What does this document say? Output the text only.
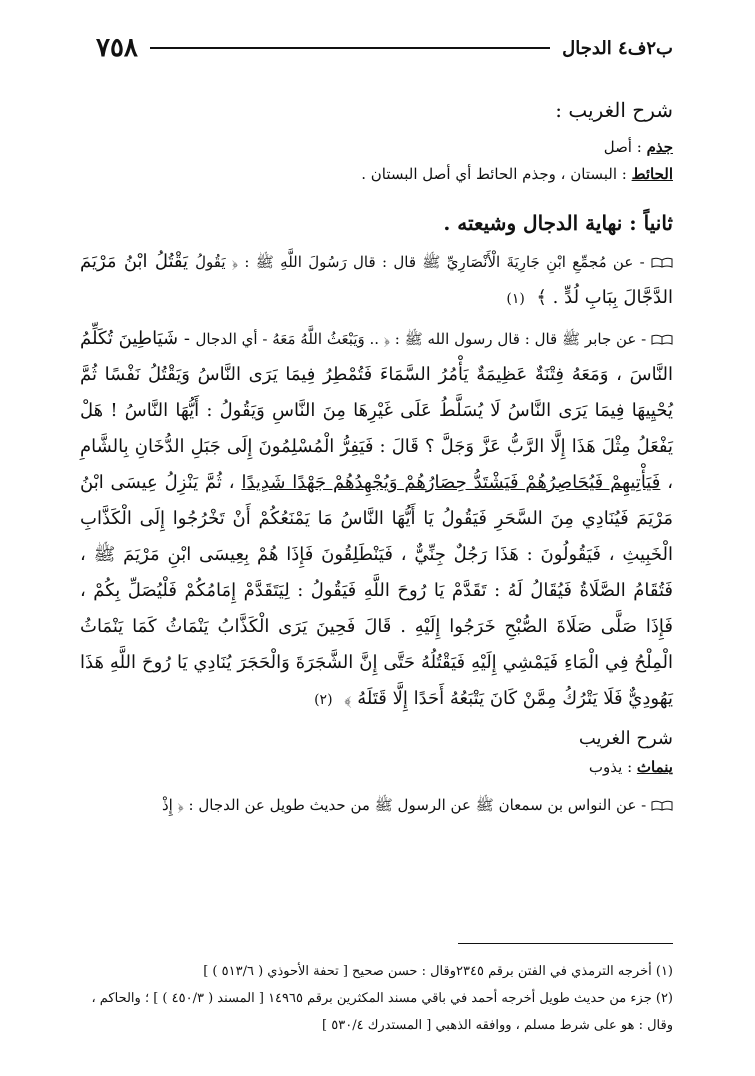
ب٢ف٤ الدجال
٧٥٨
شرح الغريب :

جذم : أصل

الحائط : البستان ، وجذم الحائط أي أصل البستان .

ثانياً : نهاية الدجال وشيعته .

- عن مُجمِّعِ ابْنِ جَارِيَةَ الْأَنْصَارِيِّ ﷺ قال : قال رَسُولَ اللَّهِ ﷺ : ﴿ يَقُولُ يَقْتُلُ ابْنُ مَرْيَمَ الدَّجَّالَ بِبَابِ لُدٍّ . ﴾ (١)

- عن جابر ﷺ قال : قال رسول الله ﷺ : ﴿ .. وَيَبْعَثُ اللَّهُ مَعَهُ - أي الدجال - شَيَاطِينَ تُكَلِّمُ النَّاسَ ، وَمَعَهُ فِتْنَةٌ عَظِيمَةٌ يَأْمُرُ السَّمَاءَ فَتُمْطِرُ فِيمَا يَرَى النَّاسُ وَيَقْتُلُ نَفْسًا ثُمَّ يُحْيِيهَا فِيمَا يَرَى النَّاسُ لَا يُسَلَّطُ عَلَى غَيْرِهَا مِنَ النَّاسِ وَيَقُولُ : أَيُّهَا النَّاسُ ! هَلْ يَفْعَلُ مِثْلَ هَذَا إِلَّا الرَّبُّ عَزَّ وَجَلَّ ؟ قَالَ : فَيَفِرُّ الْمُسْلِمُونَ إِلَى جَبَلِ الدُّخَانِ بِالشَّامِ ، فَيَأْتِيهِمْ فَيُحَاصِرُهُمْ فَيَشْتَدُّ حِصَارُهُمْ وَيُجْهِدُهُمْ جَهْدًا شَدِيدًا ، ثُمَّ يَنْزِلُ عِيسَى ابْنُ مَرْيَمَ فَيُنَادِي مِنَ السَّحَرِ فَيَقُولُ يَا أَيُّهَا النَّاسُ مَا يَمْنَعُكُمْ أَنْ تَخْرُجُوا إِلَى الْكَذَّابِ الْخَبِيثِ ، فَيَقُولُونَ : هَذَا رَجُلٌ جِنِّيٌّ ، فَيَنْطَلِقُونَ فَإِذَا هُمْ بِعِيسَى ابْنِ مَرْيَمَ ﷺ ، فَتُقَامُ الصَّلَاةُ فَيُقَالُ لَهُ : تَقَدَّمْ يَا رُوحَ اللَّهِ فَيَقُولُ : لِيَتَقَدَّمْ إِمَامُكُمْ فَلْيُصَلِّ بِكُمْ ، فَإِذَا صَلَّى صَلَاةَ الصُّبْحِ خَرَجُوا إِلَيْهِ . قَالَ فَحِينَ يَرَى الْكَذَّابُ يَنْمَاثُ كَمَا يَنْمَاثُ الْمِلْحُ فِي الْمَاءِ فَيَمْشِي إِلَيْهِ فَيَقْتُلُهُ حَتَّى إِنَّ الشَّجَرَةَ وَالْحَجَرَ يُنَادِي يَا رُوحَ اللَّهِ هَذَا يَهُودِيٌّ فَلَا يَتْرُكُ مِمَّنْ كَانَ يَتْبَعُهُ أَحَدًا إِلَّا قَتَلَهُ ﴾ (٢)

شرح الغريب

ينماث : يذوب

- عن النواس بن سمعان ﷺ عن الرسول ﷺ من حديث طويل عن الدجال : ﴿ إِذْ

(١) أخرجه الترمذي في الفتن برقم ٢٣٤٥وقال : حسن صحيح [ تحفة الأحوذي ( ٥١٣/٦ ) ]

(٢) جزء من حديث طويل أخرجه أحمد في باقي مسند المكثرين برقم ١٤٩٦٥ [ المسند ( ٤٥٠/٣ ) ] ؛ والحاكم ،

وقال : هو على شرط مسلم ، ووافقه الذهبي [ المستدرك ٥٣٠/٤ ]
